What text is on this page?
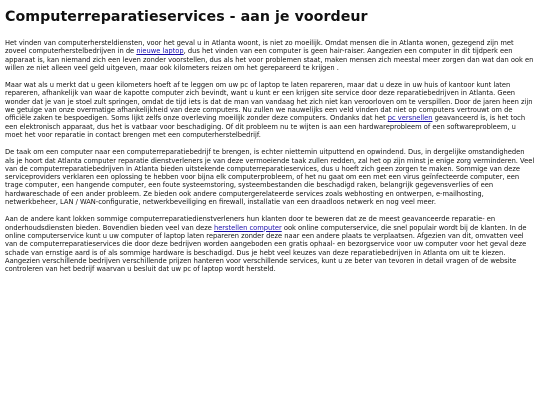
Computerreparatieservices - aan je voordeur

Het vinden van computerhersteldiensten, voor het geval u in Atlanta woont, is niet zo moeilijk. Omdat mensen die in Atlanta wonen, gezegend zijn met zoveel computerherstelbedrijven in de nieuwe laptop, dus het vinden van een computer is geen hair-raiser. Aangezien een computer in dit tijdperk een apparaat is, kan niemand zich een leven zonder voorstellen, dus als het voor problemen staat, maken mensen zich meestal meer zorgen dan wat dan ook en willen ze niet alleen veel geld uitgeven, maar ook kilometers reizen om het gerepareerd te krijgen .

Maar wat als u merkt dat u geen kilometers hoeft af te leggen om uw pc of laptop te laten repareren, maar dat u deze in uw huis of kantoor kunt laten repareren, afhankelijk van waar de kapotte computer zich bevindt, want u kunt er een krijgen site service door deze reparatiebedrijven in Atlanta. Geen wonder dat je van je stoel zult springen, omdat de tijd iets is dat de man van vandaag het zich niet kan veroorloven om te verspillen. Door de jaren heen zijn we getuige van onze overmatige afhankelijkheid van deze computers. Nu zullen we nauwelijks een veld vinden dat niet op computers vertrouwt om de officiële zaken te bespoedigen. Soms lijkt zelfs onze overleving moeilijk zonder deze computers. Ondanks dat het pc versnellen geavanceerd is, is het toch een elektronisch apparaat, dus het is vatbaar voor beschadiging. Of dit probleem nu te wijten is aan een hardwareprobleem of een softwareprobleem, u moet het voor reparatie in contact brengen met een computerherstelbedrijf.

De taak om een computer naar een computerreparatiebedrijf te brengen, is echter niettemin uitputtend en opwindend. Dus, in dergelijke omstandigheden als je hoort dat Atlanta computer reparatie dienstverleners je van deze vermoeiende taak zullen redden, zal het op zijn minst je enige zorg verminderen. Veel van de computerreparatiebedrijven in Atlanta bieden uitstekende computerreparatieservices, dus u hoeft zich geen zorgen te maken. Sommige van deze serviceproviders verklaren een oplossing te hebben voor bijna elk computerprobleem, of het nu gaat om een met een virus geïnfecteerde computer, een trage computer, een hangende computer, een foute systeemstoring, systeembestanden die beschadigd raken, belangrijk gegevensverlies of een hardwareschade of een ander probleem. Ze bieden ook andere computergerelateerde services zoals webhosting en ontwerpen, e-mailhosting, netwerkbeheer, LAN / WAN-configuratie, netwerkbeveiliging en firewall, installatie van een draadloos netwerk en nog veel meer.

Aan de andere kant lokken sommige computerreparatiedienstverleners hun klanten door te beweren dat ze de meest geavanceerde reparatie- en onderhoudsdiensten bieden. Bovendien bieden veel van deze herstellen computer ook online computerservice, die snel populair wordt bij de klanten. In de online computerservice kunt u uw computer of laptop laten repareren zonder deze naar een andere plaats te verplaatsen. Afgezien van dit, omvatten veel van de computerreparatieservices die door deze bedrijven worden aangeboden een gratis ophaal- en bezorgservice voor uw computer voor het geval deze schade van ernstige aard is of als sommige hardware is beschadigd. Dus je hebt veel keuzes van deze reparatiebedrijven in Atlanta om uit te kiezen. Aangezien verschillende bedrijven verschillende prijzen hanteren voor verschillende services, kunt u ze beter van tevoren in detail vragen of de website controleren van het bedrijf waarvan u besluit dat uw pc of laptop wordt hersteld.
